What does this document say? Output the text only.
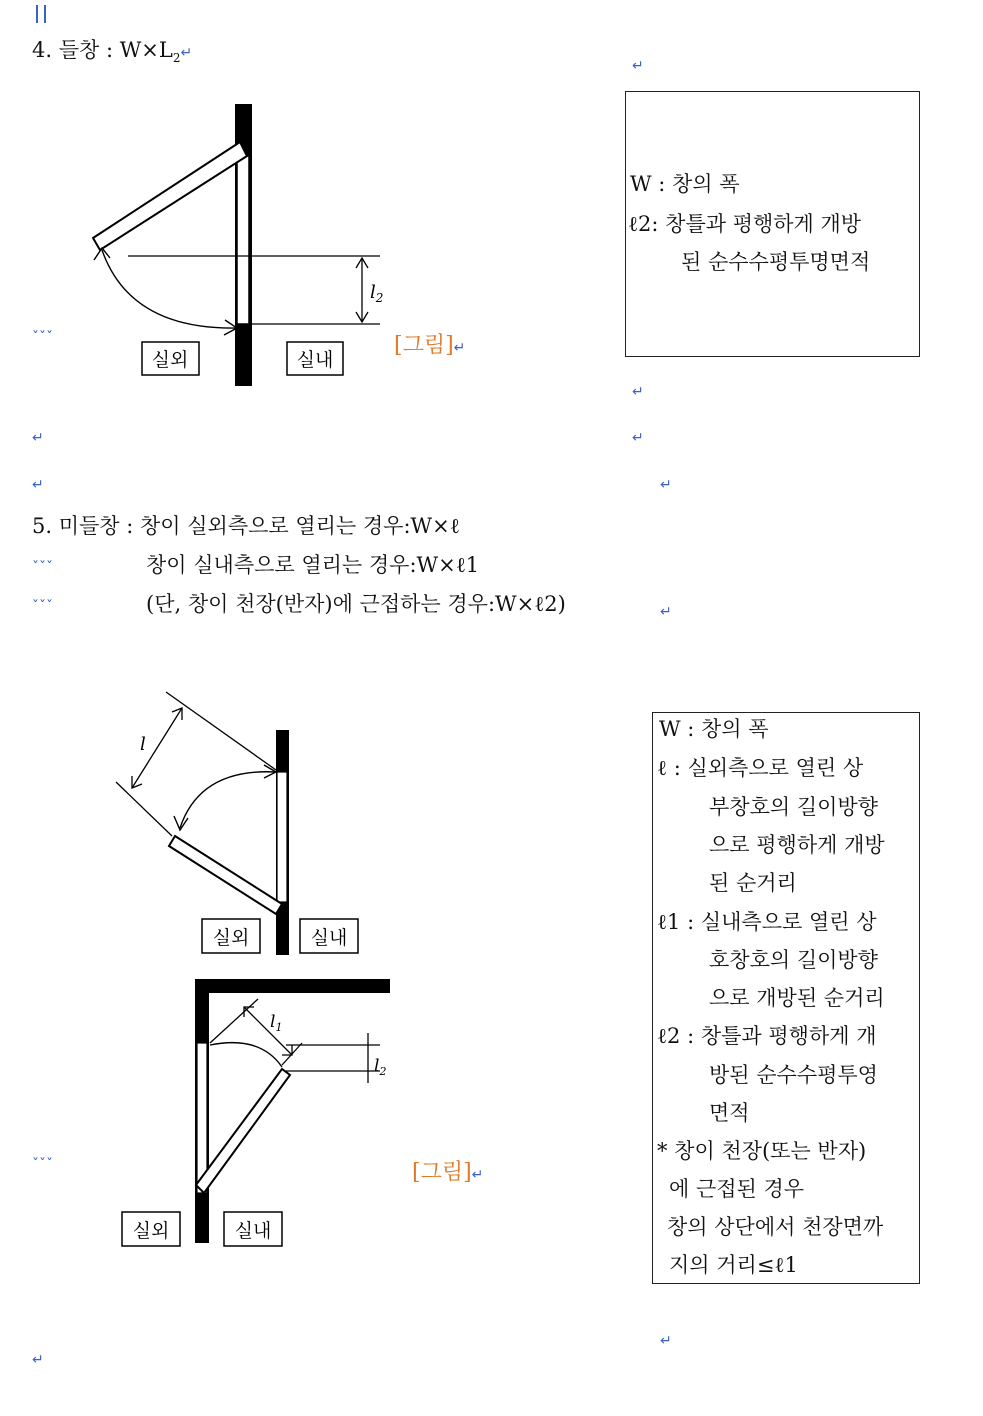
4. 들창 : $W\times L_2↵$
↵
$l_2$
실외	실내
ˇˇˇ	[그림]↵
W : 창의 폭
ℓ2: 창틀과 평행하게 개방
된 순수수평투명면적
↵
↵	↵
↵	↵
5. 미들창 : 창이 실외측으로 열리는 경우:W×ℓ
창이 실내측으로 열리는 경우:W×ℓ1
ˇˇˇ
(단, 창이 천장(반자)에 근접하는 경우:W×ℓ2)
ˇˇˇ	↵
l
실외	실내
$l_2$
$l_1$
실외	실내
ˇˇˇ	[그림]↵
W : 창의 폭
ℓ : 실외측으로 열린 상
부창호의 길이방향
으로 평행하게 개방
된 순거리
ℓ1 : 실내측으로 열린 상
호창호의 길이방향
으로 개방된 순거리
ℓ2 : 창틀과 평행하게 개
방된 순수수평투영
면적
* 창이 천장(또는 반자)
에 근접된 경우
창의 상단에서 천장면까
지의 거리≤ℓ1
↵
↵
